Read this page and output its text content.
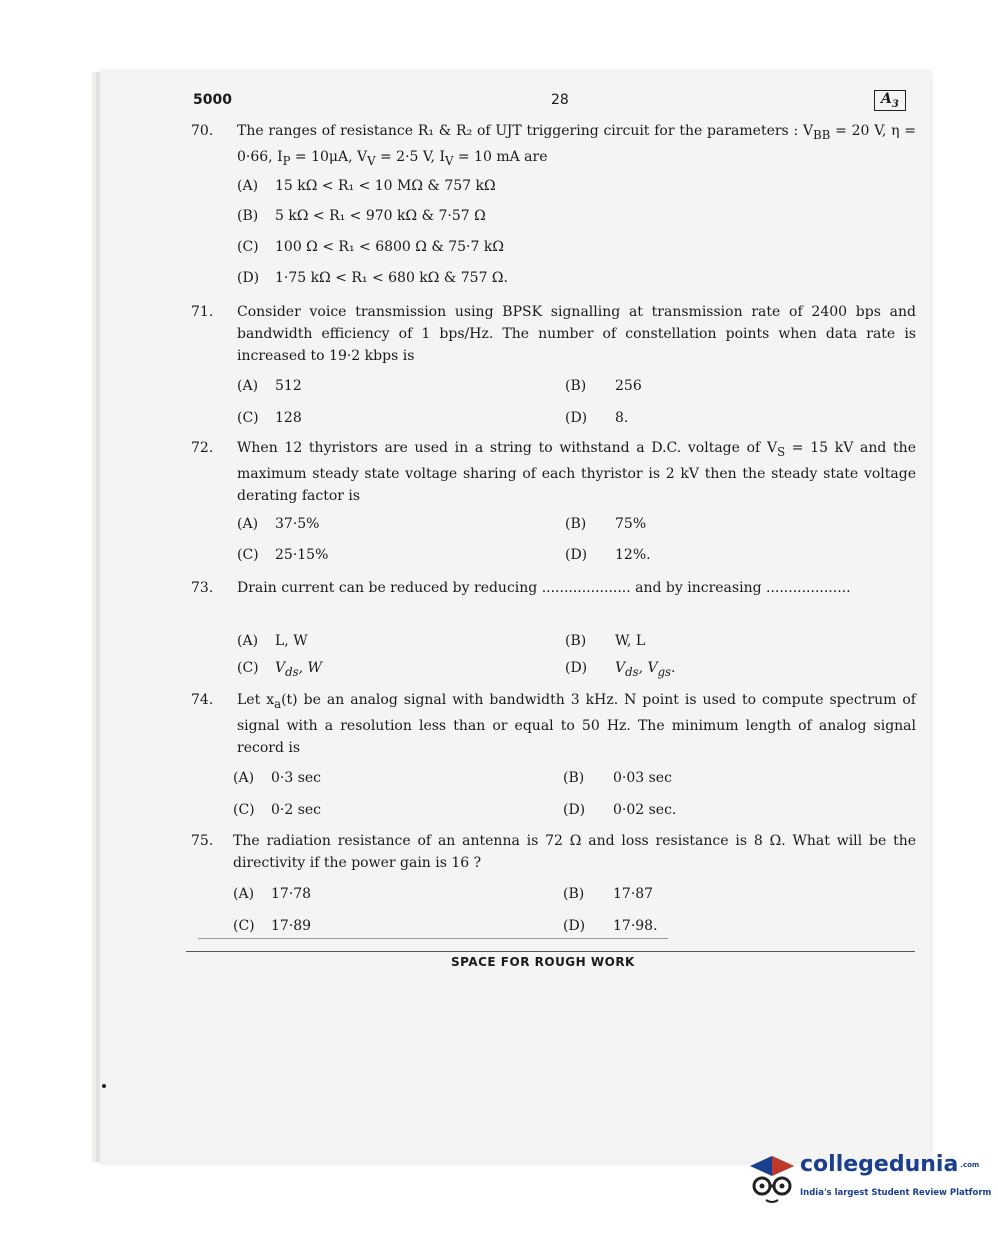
5000	28	$A_3$
70. The ranges of resistance R₁ & R₂ of UJT triggering circuit for the parameters : $V_{BB} = 20$ V, η = 0·66, $I_P = 10\mu A$, $V_V = 2\cdot 5$ V, $I_V = 10$ mA are
(A) 15 kΩ < R₁ < 10 MΩ & 757 kΩ
(B) 5 kΩ < R₁ < 970 kΩ & 7·57 Ω
(C) 100 Ω < R₁ < 6800 Ω & 75·7 kΩ
(D) 1·75 kΩ < R₁ < 680 kΩ & 757 Ω.
71. Consider voice transmission using BPSK signalling at transmission rate of 2400 bps and bandwidth efficiency of 1 bps/Hz. The number of constellation points when data rate is increased to 19·2 kbps is
(A) 512	(B) 256
(C) 128	(D) 8.
72. When 12 thyristors are used in a string to withstand a D.C. voltage of $V_S = 15$ kV and the maximum steady state voltage sharing of each thyristor is 2 kV then the steady state voltage derating factor is
(A) 37·5%	(B) 75%
(C) 25·15%	(D) 12%.
73. Drain current can be reduced by reducing .................... and by increasing ...................
(A) L, W	(B) W, L
(C) $V_{ds}$, W	(D) $V_{ds}$, $V_{gs}$.
74. Let $x_a(t)$ be an analog signal with bandwidth 3 kHz. N point is used to compute spectrum of signal with a resolution less than or equal to 50 Hz. The minimum length of analog signal record is
(A) 0·3 sec	(B) 0·03 sec
(C) 0·2 sec	(D) 0·02 sec.
75. The radiation resistance of an antenna is 72 Ω and loss resistance is 8 Ω. What will be the directivity if the power gain is 16 ?
(A) 17·78	(B) 17·87
(C) 17·89	(D) 17·98.
SPACE FOR ROUGH WORK
collegedunia .com
India's largest Student Review Platform
